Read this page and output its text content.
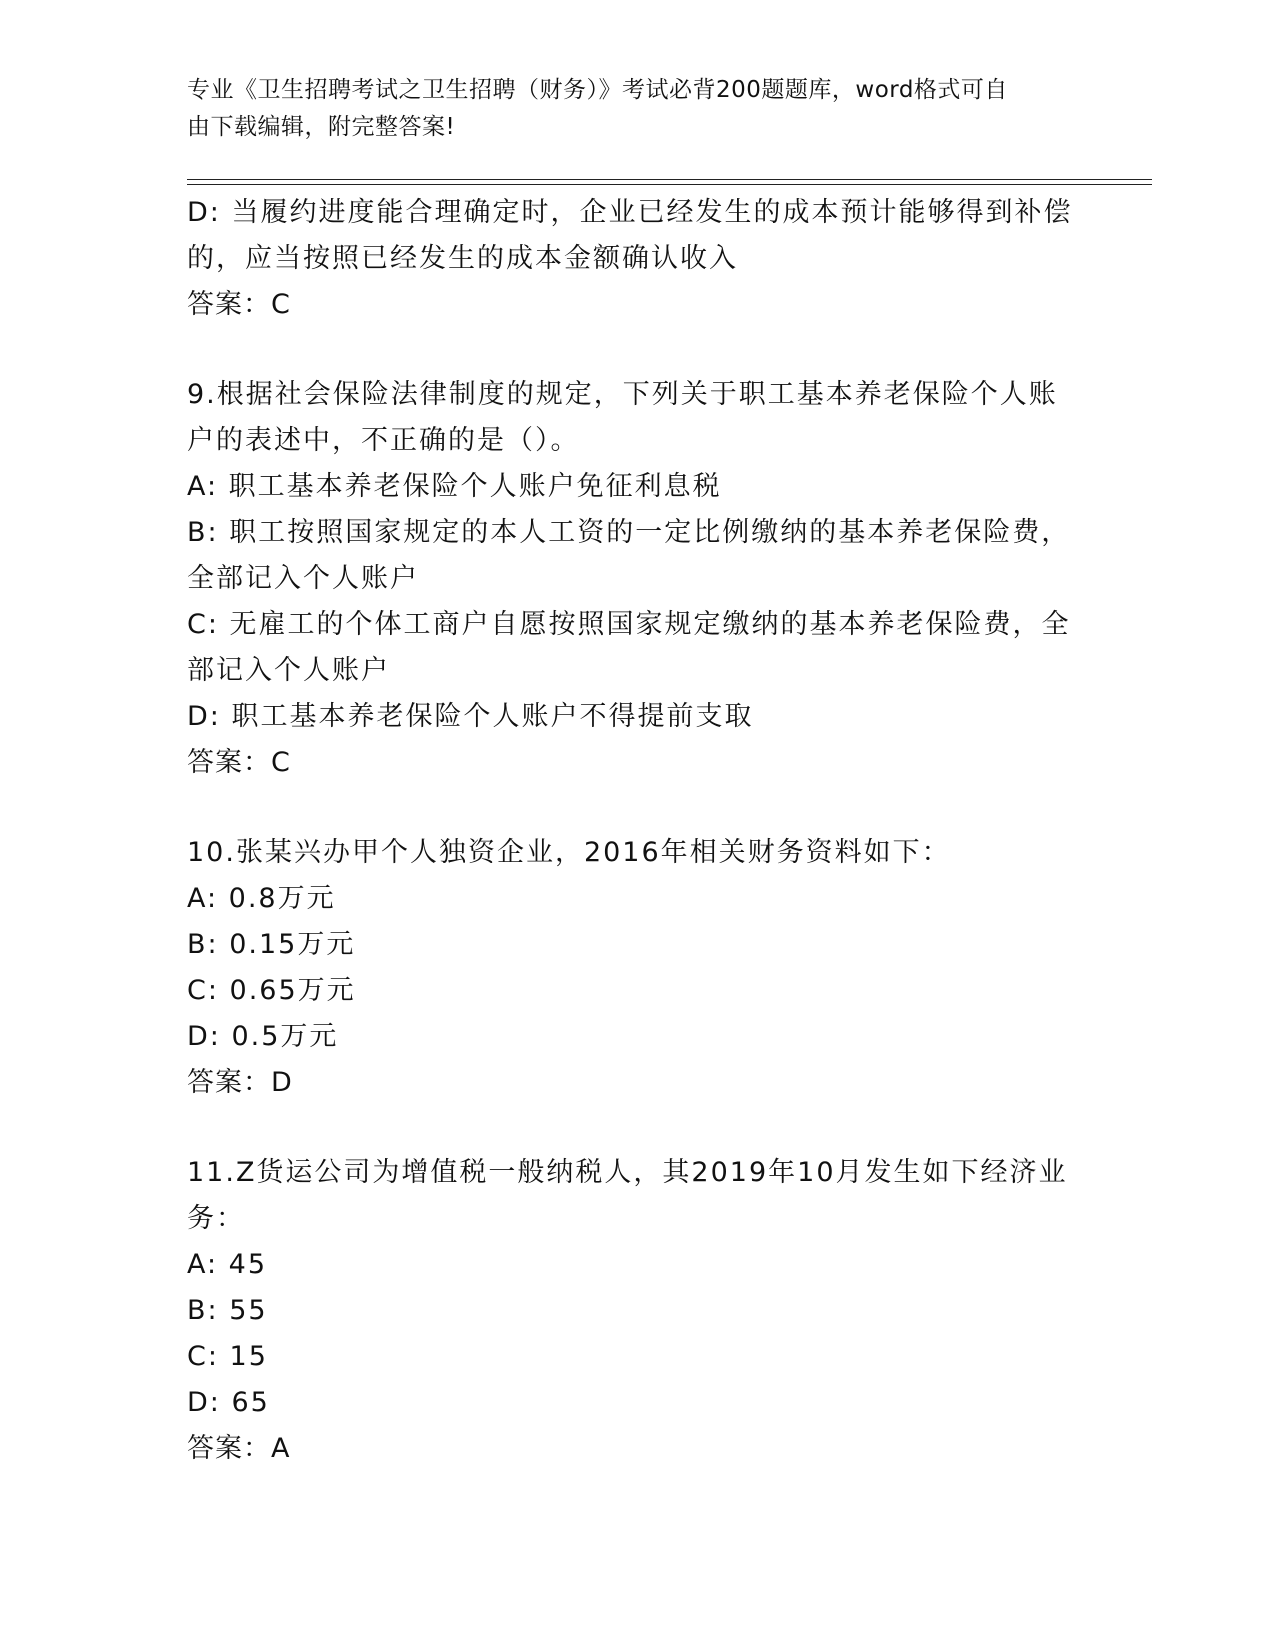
专业《卫生招聘考试之卫生招聘（财务）》考试必背200题题库，word格式可自
由下载编辑，附完整答案!
D: 当履约进度能合理确定时，企业已经发生的成本预计能够得到补偿
的，应当按照已经发生的成本金额确认收入
答案：C
9.根据社会保险法律制度的规定，下列关于职工基本养老保险个人账
户的表述中，不正确的是（）。
A: 职工基本养老保险个人账户免征利息税
B: 职工按照国家规定的本人工资的一定比例缴纳的基本养老保险费，
全部记入个人账户
C: 无雇工的个体工商户自愿按照国家规定缴纳的基本养老保险费，全
部记入个人账户
D: 职工基本养老保险个人账户不得提前支取
答案：C
10.张某兴办甲个人独资企业，2016年相关财务资料如下：
A: 0.8万元
B: 0.15万元
C: 0.65万元
D: 0.5万元
答案：D
11.Z货运公司为增值税一般纳税人，其2019年10月发生如下经济业
务：
A: 45
B: 55
C: 15
D: 65
答案：A
